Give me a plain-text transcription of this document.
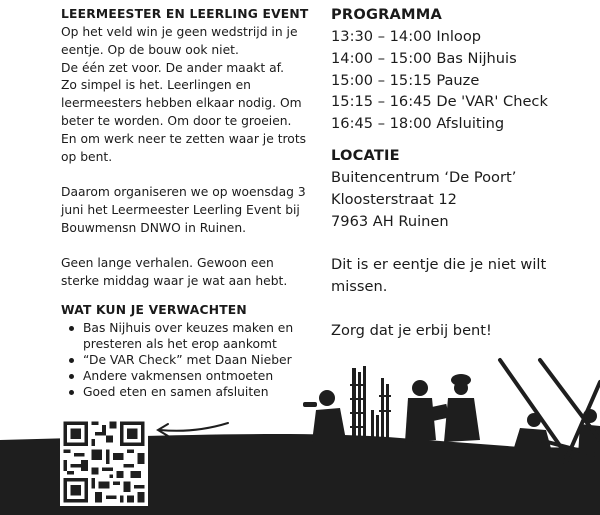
LEERMEESTER EN LEERLING EVENT

Op het veld win je geen wedstrijd in je

eentje. Op de bouw ook niet.

De één zet voor. De ander maakt af.

Zo simpel is het. Leerlingen en

leermeesters hebben elkaar nodig. Om

beter te worden. Om door te groeien.

En om werk neer te zetten waar je trots

op bent.

Daarom organiseren we op woensdag 3

juni het Leermeester Leerling Event bij

Bouwmensn DNWO in Ruinen.

Geen lange verhalen. Gewoon een

sterke middag waar je wat aan hebt.

WAT KUN JE VERWACHTEN
Bas Nijhuis over keuzes maken en
presteren als het erop aankomt
“De VAR Check” met Daan Nieber
Andere vakmensen ontmoeten
Goed eten en samen afsluiten
PROGRAMMA
13:30 – 14:00 Inloop
14:00 – 15:00 Bas Nijhuis
15:00 – 15:15 Pauze
15:15 – 16:45 De 'VAR' Check
16:45 – 18:00 Afsluiting
LOCATIE

Buitencentrum ‘De Poort’

Kloosterstraat 12

7963 AH Ruinen

Dit is er eentje die je niet wilt

missen.

Zorg dat je erbij bent!
